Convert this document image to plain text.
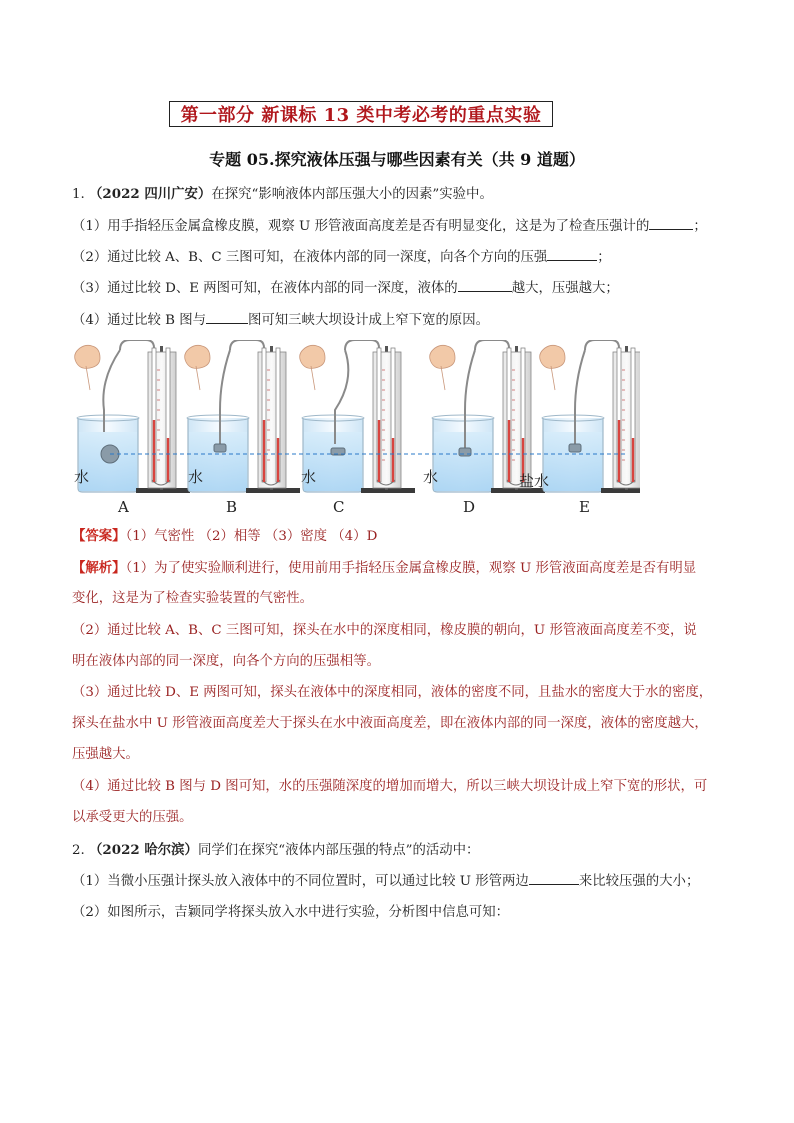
第一部分 新课标 13 类中考必考的重点实验
专题 05.探究液体压强与哪些因素有关（共 9 道题）
1. （2022 四川广安）在探究“影响液体内部压强大小的因素”实验中。
（1）用手指轻压金属盒橡皮膜，观察 U 形管液面高度差是否有明显变化，这是为了检查压强计的	；
（2）通过比较 A、B、C 三图可知，在液体内部的同一深度，向各个方向的压强	；
（3）通过比较 D、E 两图可知，在液体内部的同一深度，液体的	越大，压强越大；
（4）通过比较 B 图与	图可知三峡大坝设计成上窄下宽的原因。
水	水	水	水	盐水
A	B	C	D	E
【答案】（1）气密性 （2）相等 （3）密度 （4）D
【解析】（1）为了使实验顺利进行，使用前用手指轻压金属盒橡皮膜，观察 U 形管液面高度差是否有明显
变化，这是为了检查实验装置的气密性。
（2）通过比较 A、B、C 三图可知，探头在水中的深度相同，橡皮膜的朝向，U 形管液面高度差不变，说
明在液体内部的同一深度，向各个方向的压强相等。
（3）通过比较 D、E 两图可知，探头在液体中的深度相同，液体的密度不同，且盐水的密度大于水的密度，
探头在盐水中 U 形管液面高度差大于探头在水中液面高度差，即在液体内部的同一深度，液体的密度越大，
压强越大。
（4）通过比较 B 图与 D 图可知，水的压强随深度的增加而增大，所以三峡大坝设计成上窄下宽的形状，可
以承受更大的压强。
2. （2022 哈尔滨）同学们在探究“液体内部压强的特点”的活动中：
（1）当微小压强计探头放入液体中的不同位置时，可以通过比较 U 形管两边	来比较压强的大小；
（2）如图所示，吉颖同学将探头放入水中进行实验，分析图中信息可知：
